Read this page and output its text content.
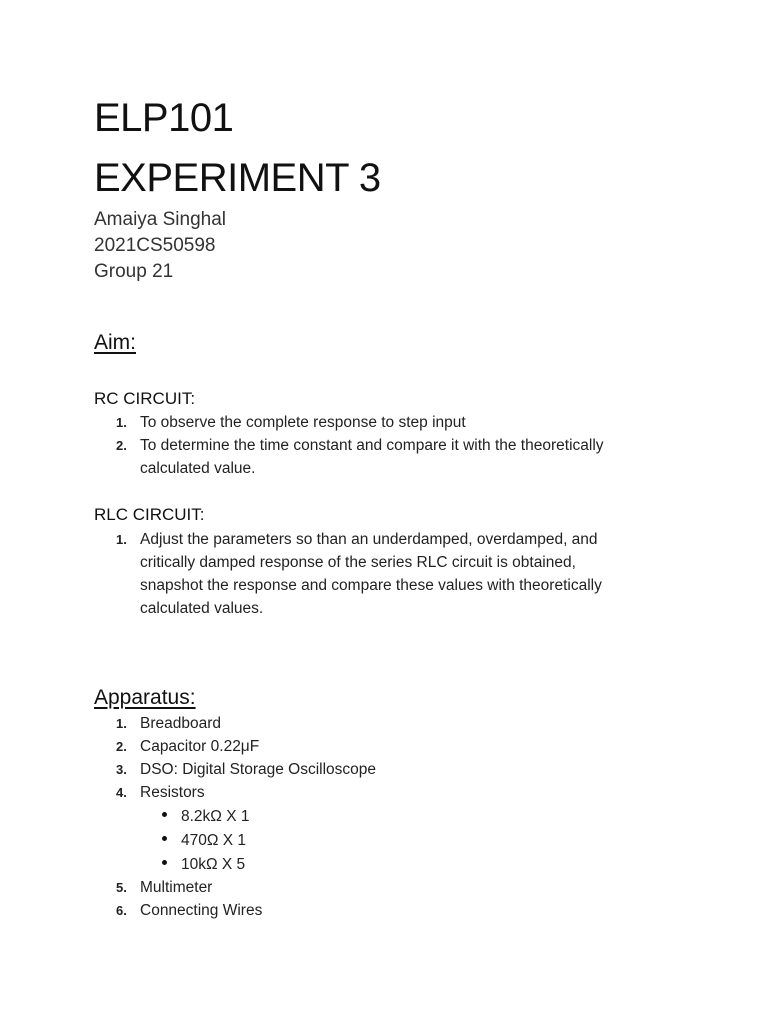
ELP101
EXPERIMENT 3
Amaiya Singhal
2021CS50598
Group 21
Aim:
RC CIRCUIT:
1. To observe the complete response to step input
2. To determine the time constant and compare it with the theoretically
calculated value.
RLC CIRCUIT:
1. Adjust the parameters so than an underdamped, overdamped, and
critically damped response of the series RLC circuit is obtained,
snapshot the response and compare these values with theoretically
calculated values.
Apparatus:
1. Breadboard
2. Capacitor 0.22μF
3. DSO: Digital Storage Oscilloscope
4. Resistors
8.2kΩ X 1
470Ω X 1
10kΩ X 5
5. Multimeter
6. Connecting Wires
